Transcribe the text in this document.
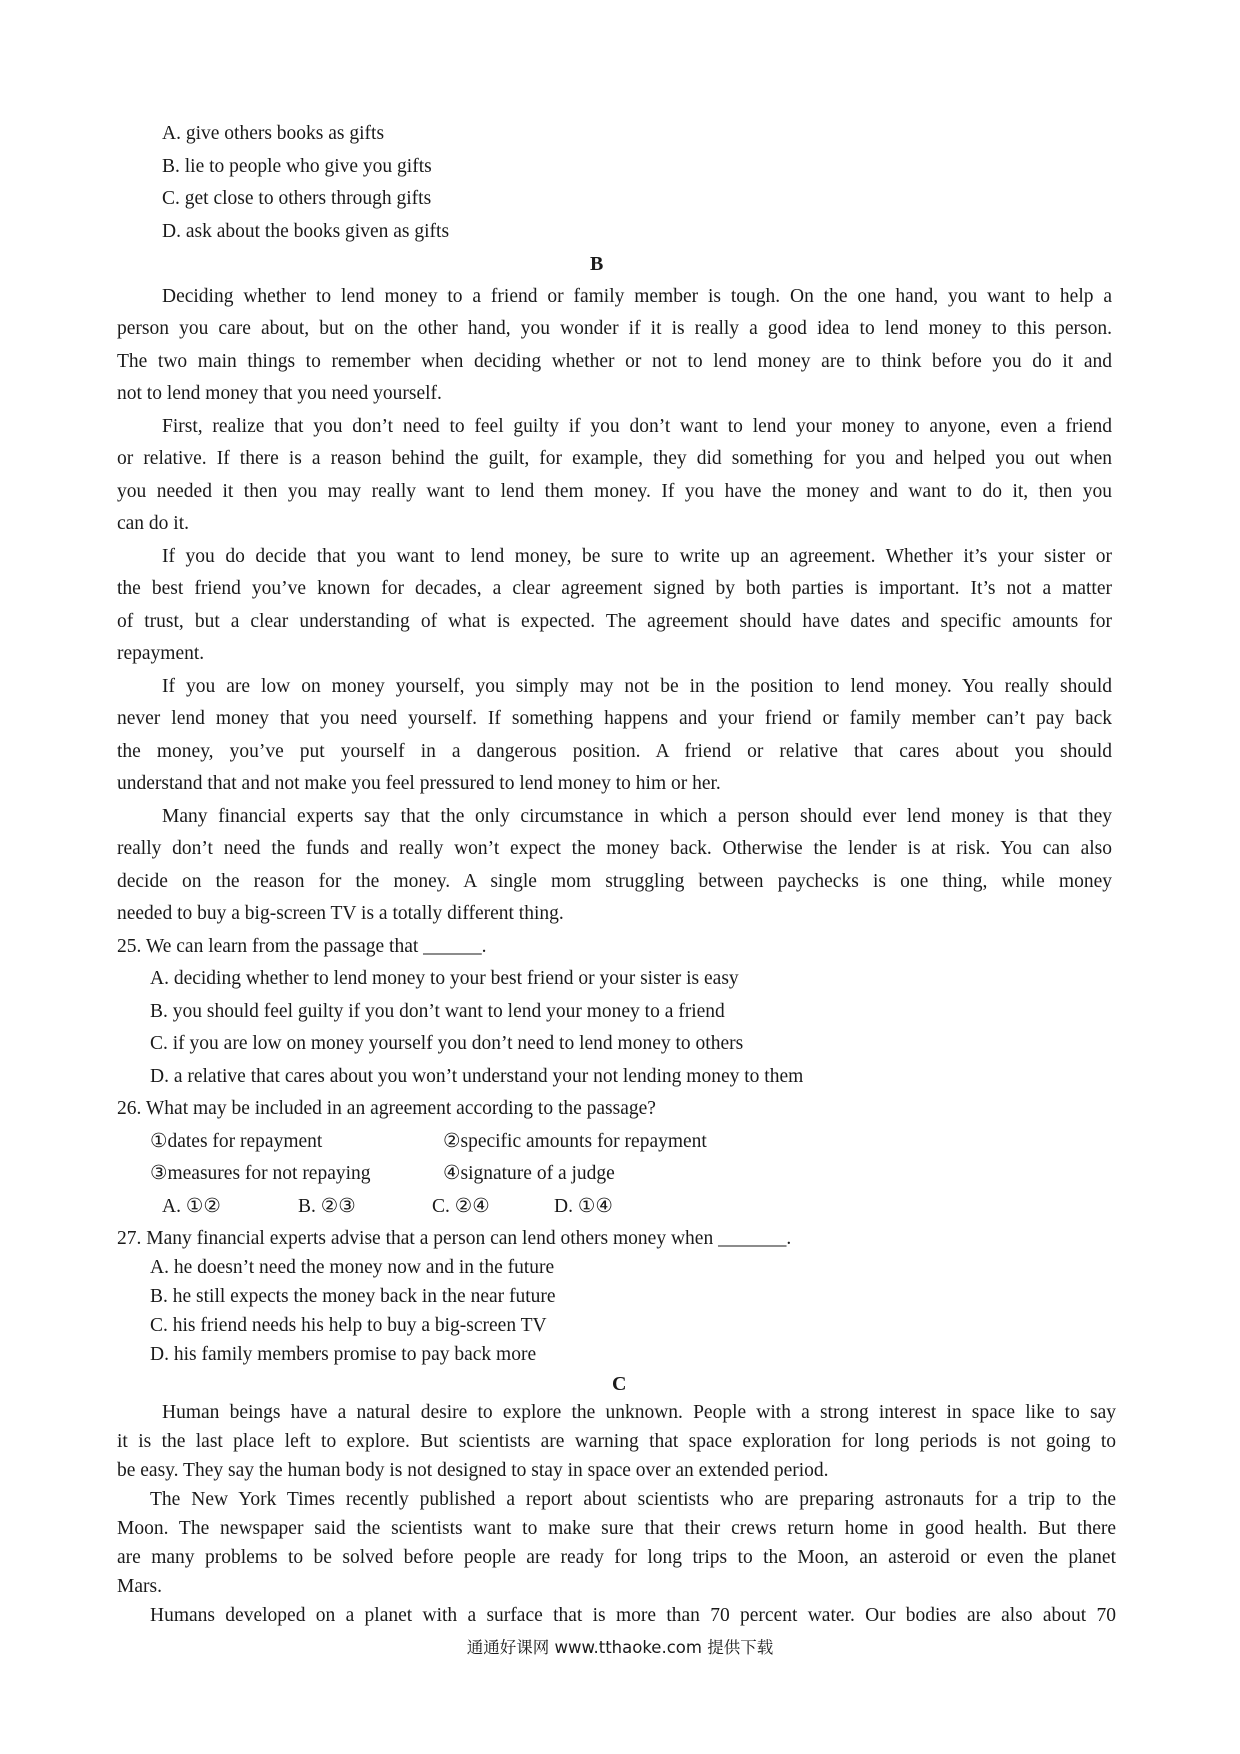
A. give others books as gifts
B. lie to people who give you gifts
C. get close to others through gifts
D. ask about the books given as gifts
B
Deciding whether to lend money to a friend or family member is tough. On the one hand, you want to help a
person you care about, but on the other hand, you wonder if it is really a good idea to lend money to this person.
The two main things to remember when deciding whether or not to lend money are to think before you do it and
not to lend money that you need yourself.
First, realize that you don’t need to feel guilty if you don’t want to lend your money to anyone, even a friend
or relative. If there is a reason behind the guilt, for example, they did something for you and helped you out when
you needed it then you may really want to lend them money. If you have the money and want to do it, then you
can do it.
If you do decide that you want to lend money, be sure to write up an agreement. Whether it’s your sister or
the best friend you’ve known for decades, a clear agreement signed by both parties is important. It’s not a matter
of trust, but a clear understanding of what is expected. The agreement should have dates and specific amounts for
repayment.
If you are low on money yourself, you simply may not be in the position to lend money. You really should
never lend money that you need yourself. If something happens and your friend or family member can’t pay back
the money, you’ve put yourself in a dangerous position. A friend or relative that cares about you should
understand that and not make you feel pressured to lend money to him or her.
Many financial experts say that the only circumstance in which a person should ever lend money is that they
really don’t need the funds and really won’t expect the money back. Otherwise the lender is at risk. You can also
decide on the reason for the money. A single mom struggling between paychecks is one thing, while money
needed to buy a big-screen TV is a totally different thing.
25. We can learn from the passage that ______.
A. deciding whether to lend money to your best friend or your sister is easy
B. you should feel guilty if you don’t want to lend your money to a friend
C. if you are low on money yourself you don’t need to lend money to others
D. a relative that cares about you won’t understand your not lending money to them
26. What may be included in an agreement according to the passage?
①dates for repayment	②specific amounts for repayment
③measures for not repaying	④signature of a judge
A. ①②	B. ②③	C. ②④	D. ①④
27. Many financial experts advise that a person can lend others money when _______.
A. he doesn’t need the money now and in the future
B. he still expects the money back in the near future
C. his friend needs his help to buy a big-screen TV
D. his family members promise to pay back more
C
Human beings have a natural desire to explore the unknown. People with a strong interest in space like to say
it is the last place left to explore. But scientists are warning that space exploration for long periods is not going to
be easy. They say the human body is not designed to stay in space over an extended period.
The New York Times recently published a report about scientists who are preparing astronauts for a trip to the
Moon. The newspaper said the scientists want to make sure that their crews return home in good health. But there
are many problems to be solved before people are ready for long trips to the Moon, an asteroid or even the planet
Mars.
Humans developed on a planet with a surface that is more than 70 percent water. Our bodies are also about 70
通通好课网 www.tthaoke.com 提供下载
